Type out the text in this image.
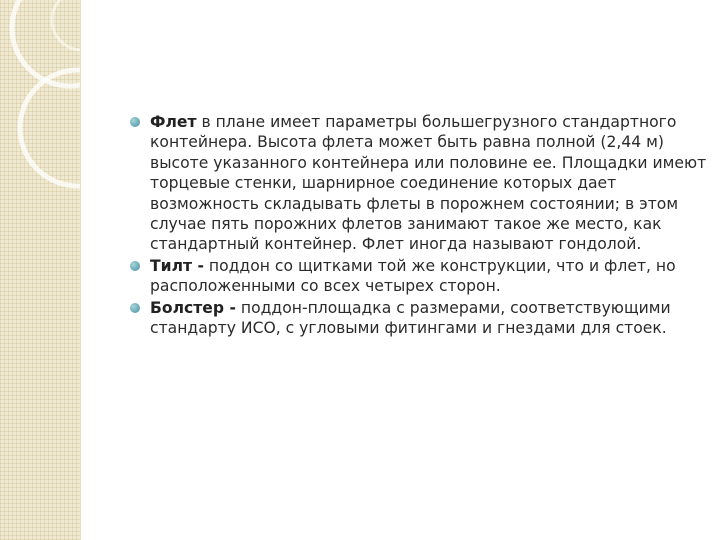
Флет в плане имеет параметры большегрузного стандартного контейнера. Высота флета может быть равна полной (2,44 м) высоте указанного контейнера или половине ее. Площадки имеют торцевые стенки, шарнирное соединение которых дает возможность складывать флеты в порожнем состоянии; в этом случае пять порожних флетов занимают такое же место, как стандартный контейнер. Флет иногда называют гондолой.
Тилт - поддон со щитками той же конструкции, что и флет, но расположенными со всех четырех сторон.
Болстер - поддон-площадка с размерами, соответствующими стандарту ИСО, с угловыми фитингами и гнездами для стоек.
